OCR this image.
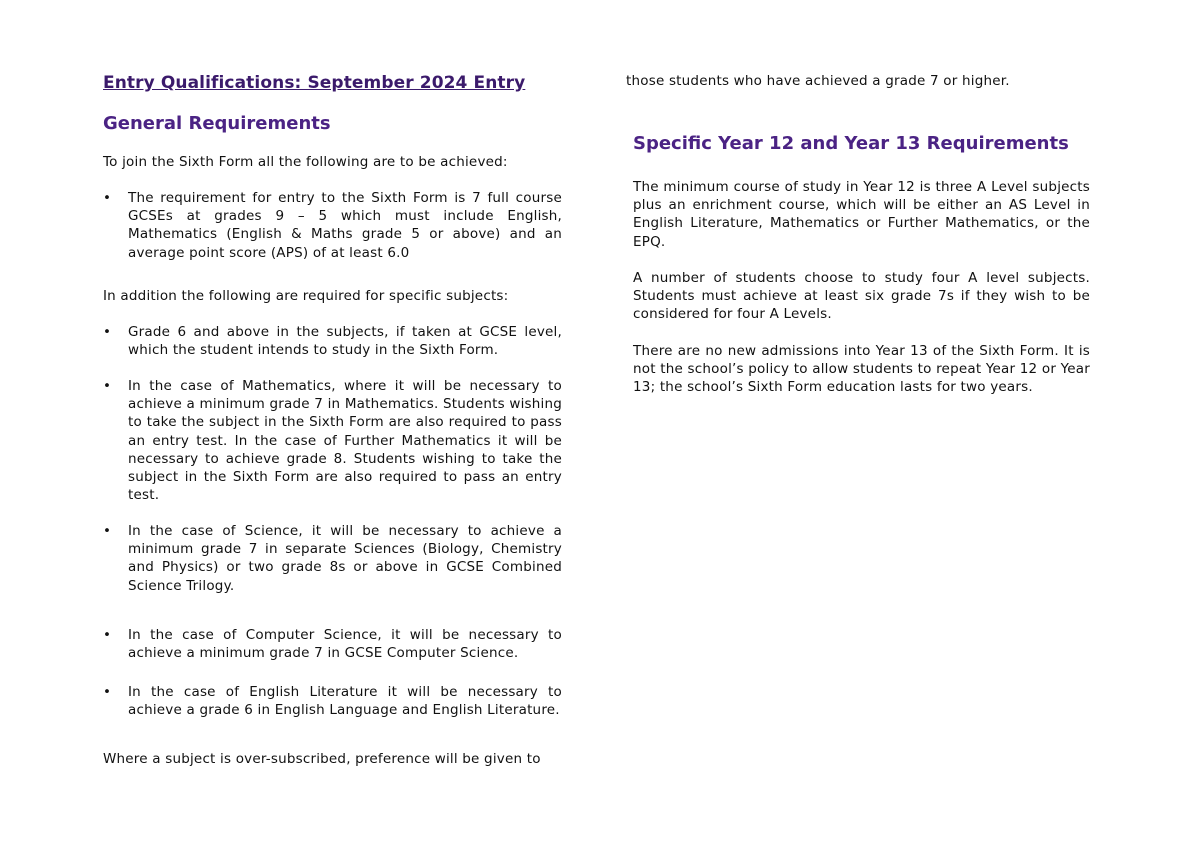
Entry Qualifications: September 2024 Entry
General Requirements

To join the Sixth Form all the following are to be achieved:

• The requirement for entry to the Sixth Form is 7 full course GCSEs at grades 9 – 5 which must include English, Mathematics (English & Maths grade 5 or above) and an average point score (APS) of at least 6.0

In addition the following are required for specific subjects:

• Grade 6 and above in the subjects, if taken at GCSE level, which the student intends to study in the Sixth Form.

• In the case of Mathematics, where it will be necessary to achieve a minimum grade 7 in Mathematics. Students wishing to take the subject in the Sixth Form are also required to pass an entry test. In the case of Further Mathematics it will be necessary to achieve grade 8. Students wishing to take the subject in the Sixth Form are also required to pass an entry test.

• In the case of Science, it will be necessary to achieve a minimum grade 7 in separate Sciences (Biology, Chemistry and Physics) or two grade 8s or above in GCSE Combined Science Trilogy.

• In the case of Computer Science, it will be necessary to achieve a minimum grade 7 in GCSE Computer Science.

• In the case of English Literature it will be necessary to achieve a grade 6 in English Language and English Literature.

Where a subject is over-subscribed, preference will be given to

those students who have achieved a grade 7 or higher.

Specific Year 12 and Year 13 Requirements

The minimum course of study in Year 12 is three A Level subjects plus an enrichment course, which will be either an AS Level in English Literature, Mathematics or Further Mathematics, or the EPQ.

A number of students choose to study four A level subjects. Students must achieve at least six grade 7s if they wish to be considered for four A Levels.

There are no new admissions into Year 13 of the Sixth Form. It is not the school’s policy to allow students to repeat Year 12 or Year 13; the school’s Sixth Form education lasts for two years.
